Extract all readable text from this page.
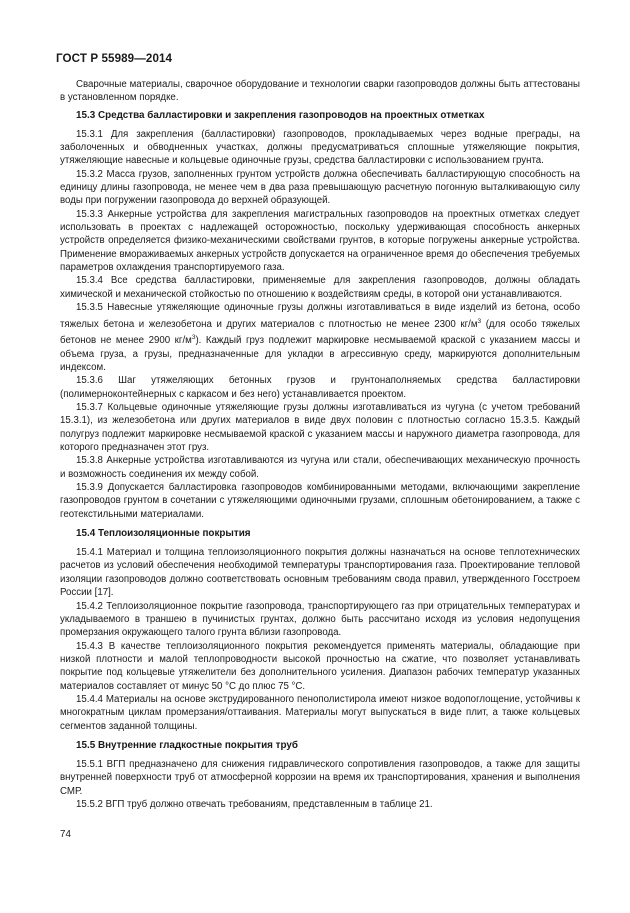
ГОСТ Р 55989—2014

Сварочные материалы, сварочное оборудование и технологии сварки газопроводов должны быть аттестованы в установленном порядке.

15.3 Средства балластировки и закрепления газопроводов на проектных отметках

15.3.1 Для закрепления (балластировки) газопроводов, прокладываемых через водные преграды, на заболоченных и обводненных участках, должны предусматриваться сплошные утяжеляющие покрытия, утяжеляющие навесные и кольцевые одиночные грузы, средства балластировки с использованием грунта.

15.3.2 Масса грузов, заполненных грунтом устройств должна обеспечивать балластирующую способность на единицу длины газопровода, не менее чем в два раза превышающую расчетную погонную выталкивающую силу воды при погружении газопровода до верхней образующей.

15.3.3 Анкерные устройства для закрепления магистральных газопроводов на проектных отметках следует использовать в проектах с надлежащей осторожностью, поскольку удерживающая способность анкерных устройств определяется физико-механическими свойствами грунтов, в которые погружены анкерные устройства. Применение вмораживаемых анкерных устройств допускается на ограниченное время до обеспечения требуемых параметров охлаждения транспортируемого газа.

15.3.4 Все средства балластировки, применяемые для закрепления газопроводов, должны обладать химической и механической стойкостью по отношению к воздействиям среды, в которой они устанавливаются.

15.3.5 Навесные утяжеляющие одиночные грузы должны изготавливаться в виде изделий из бетона, особо тяжелых бетона и железобетона и других материалов с плотностью не менее 2300 $кг/м^3$ (для особо тяжелых бетонов не менее 2900 $кг/м^3$). Каждый груз подлежит маркировке несмываемой краской с указанием массы и объема груза, а грузы, предназначенные для укладки в агрессивную среду, маркируются дополнительным индексом.

15.3.6 Шаг утяжеляющих бетонных грузов и грунтонаполняемых средства балластировки (полимерноконтейнерных с каркасом и без него) устанавливается проектом.

15.3.7 Кольцевые одиночные утяжеляющие грузы должны изготавливаться из чугуна (с учетом требований 15.3.1), из железобетона или других материалов в виде двух половин с плотностью согласно 15.3.5. Каждый полугруз подлежит маркировке несмываемой краской с указанием массы и наружного диаметра газопровода, для которого предназначен этот груз.

15.3.8 Анкерные устройства изготавливаются из чугуна или стали, обеспечивающих механическую прочность и возможность соединения их между собой.

15.3.9 Допускается балластировка газопроводов комбинированными методами, включающими закрепление газопроводов грунтом в сочетании с утяжеляющими одиночными грузами, сплошным обетонированием, а также с геотекстильными материалами.

15.4 Теплоизоляционные покрытия

15.4.1 Материал и толщина теплоизоляционного покрытия должны назначаться на основе теплотехнических расчетов из условий обеспечения необходимой температуры транспортирования газа. Проектирование тепловой изоляции газопроводов должно соответствовать основным требованиям свода правил, утвержденного Госстроем России [17].

15.4.2 Теплоизоляционное покрытие газопровода, транспортирующего газ при отрицательных температурах и укладываемого в траншею в пучинистых грунтах, должно быть рассчитано исходя из условия недопущения промерзания окружающего талого грунта вблизи газопровода.

15.4.3 В качестве теплоизоляционного покрытия рекомендуется применять материалы, обладающие при низкой плотности и малой теплопроводности высокой прочностью на сжатие, что позволяет устанавливать покрытие под кольцевые утяжелители без дополнительного усиления. Диапазон рабочих температур указанных материалов составляет от минус 50 °С до плюс 75 °С.

15.4.4 Материалы на основе экструдированного пенополистирола имеют низкое водопоглощение, устойчивы к многократным циклам промерзания/оттаивания. Материалы могут выпускаться в виде плит, а также кольцевых сегментов заданной толщины.

15.5 Внутренние гладкостные покрытия труб

15.5.1 ВГП предназначено для снижения гидравлического сопротивления газопроводов, а также для защиты внутренней поверхности труб от атмосферной коррозии на время их транспортирования, хранения и выполнения СМР.

15.5.2 ВГП труб должно отвечать требованиям, представленным в таблице 21.

74
